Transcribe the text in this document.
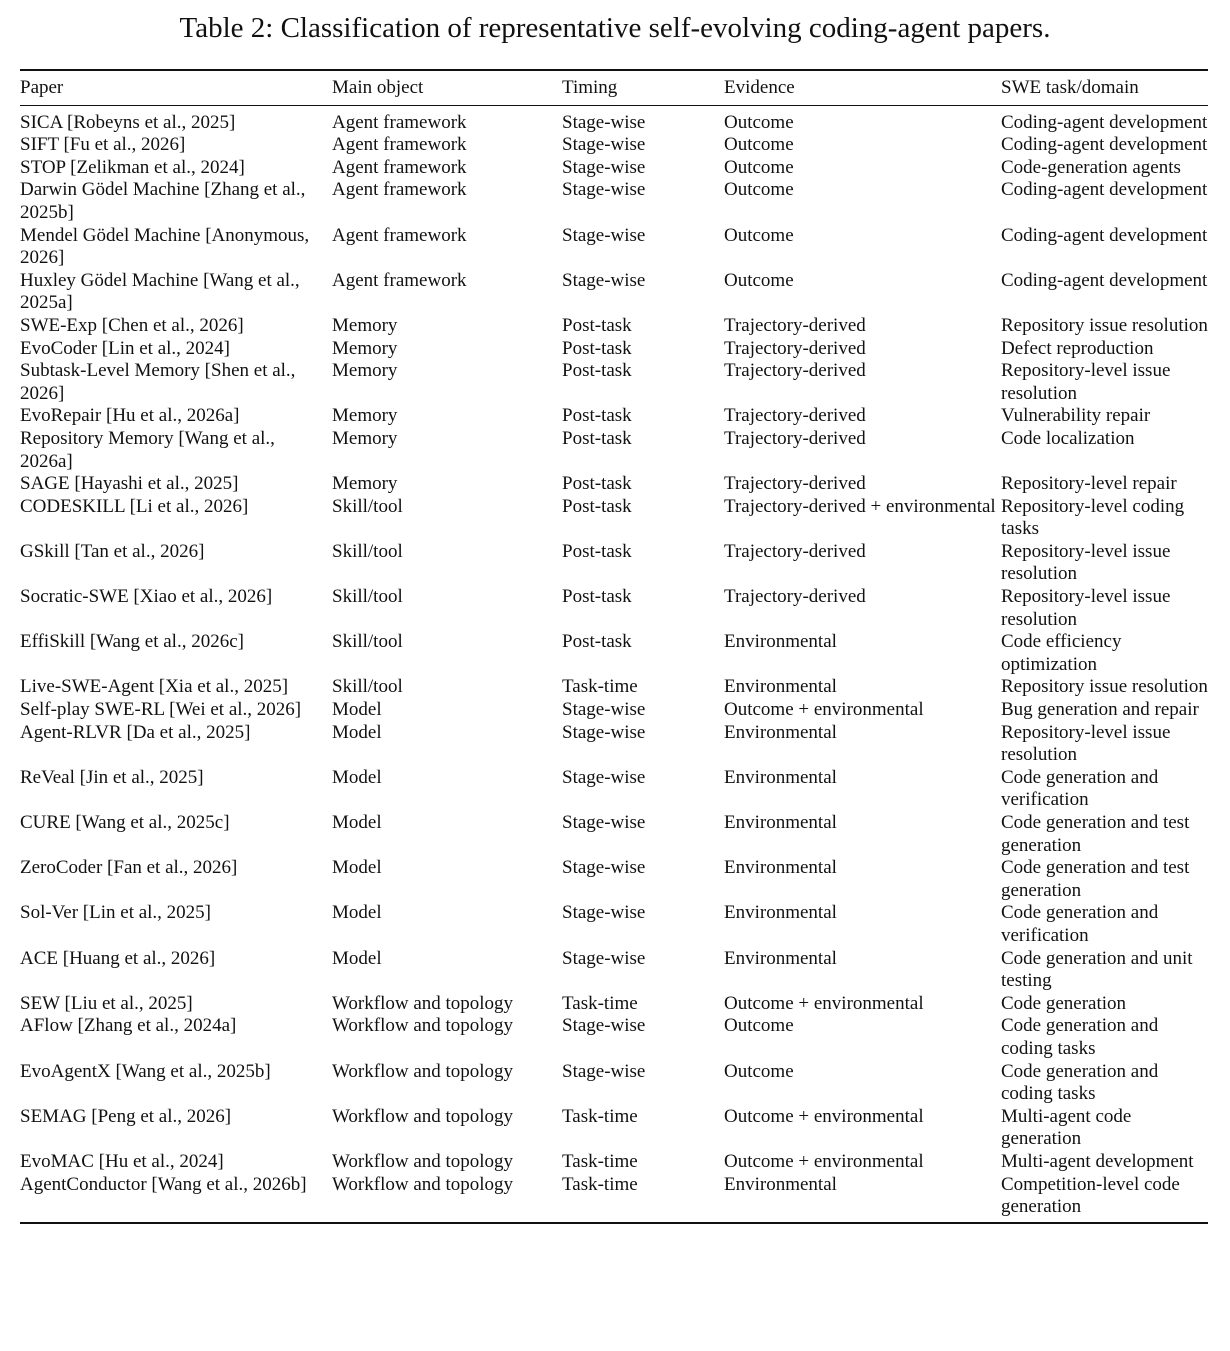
Table 2: Classification of representative self-evolving coding-agent papers.
Paper	Main object	Timing	Evidence	SWE task/domain
SICA [Robeyns et al., 2025]	Agent framework	Stage-wise	Outcome	Coding-agent development
SIFT [Fu et al., 2026]	Agent framework	Stage-wise	Outcome	Coding-agent development
STOP [Zelikman et al., 2024]	Agent framework	Stage-wise	Outcome	Code-generation agents
Darwin Gödel Machine [Zhang et al., 2025b]	Agent framework	Stage-wise	Outcome	Coding-agent development
Mendel Gödel Machine [Anonymous, 2026]	Agent framework	Stage-wise	Outcome	Coding-agent development
Huxley Gödel Machine [Wang et al., 2025a]	Agent framework	Stage-wise	Outcome	Coding-agent development
SWE-Exp [Chen et al., 2026]	Memory	Post-task	Trajectory-derived	Repository issue resolution
EvoCoder [Lin et al., 2024]	Memory	Post-task	Trajectory-derived	Defect reproduction
Subtask-Level Memory [Shen et al., 2026]	Memory	Post-task	Trajectory-derived	Repository-level issue resolution
EvoRepair [Hu et al., 2026a]	Memory	Post-task	Trajectory-derived	Vulnerability repair
Repository Memory [Wang et al., 2026a]	Memory	Post-task	Trajectory-derived	Code localization
SAGE [Hayashi et al., 2025]	Memory	Post-task	Trajectory-derived	Repository-level repair
CODESKILL [Li et al., 2026]	Skill/tool	Post-task	Trajectory-derived + environmental	Repository-level coding tasks
GSkill [Tan et al., 2026]	Skill/tool	Post-task	Trajectory-derived	Repository-level issue resolution
Socratic-SWE [Xiao et al., 2026]	Skill/tool	Post-task	Trajectory-derived	Repository-level issue resolution
EffiSkill [Wang et al., 2026c]	Skill/tool	Post-task	Environmental	Code efficiency optimization
Live-SWE-Agent [Xia et al., 2025]	Skill/tool	Task-time	Environmental	Repository issue resolution
Self-play SWE-RL [Wei et al., 2026]	Model	Stage-wise	Outcome + environmental	Bug generation and repair
Agent-RLVR [Da et al., 2025]	Model	Stage-wise	Environmental	Repository-level issue resolution
ReVeal [Jin et al., 2025]	Model	Stage-wise	Environmental	Code generation and verification
CURE [Wang et al., 2025c]	Model	Stage-wise	Environmental	Code generation and test generation
ZeroCoder [Fan et al., 2026]	Model	Stage-wise	Environmental	Code generation and test generation
Sol-Ver [Lin et al., 2025]	Model	Stage-wise	Environmental	Code generation and verification
ACE [Huang et al., 2026]	Model	Stage-wise	Environmental	Code generation and unit testing
SEW [Liu et al., 2025]	Workflow and topology	Task-time	Outcome + environmental	Code generation
AFlow [Zhang et al., 2024a]	Workflow and topology	Stage-wise	Outcome	Code generation and coding tasks
EvoAgentX [Wang et al., 2025b]	Workflow and topology	Stage-wise	Outcome	Code generation and coding tasks
SEMAG [Peng et al., 2026]	Workflow and topology	Task-time	Outcome + environmental	Multi-agent code generation
EvoMAC [Hu et al., 2024]	Workflow and topology	Task-time	Outcome + environmental	Multi-agent development
AgentConductor [Wang et al., 2026b]	Workflow and topology	Task-time	Environmental	Competition-level code generation
